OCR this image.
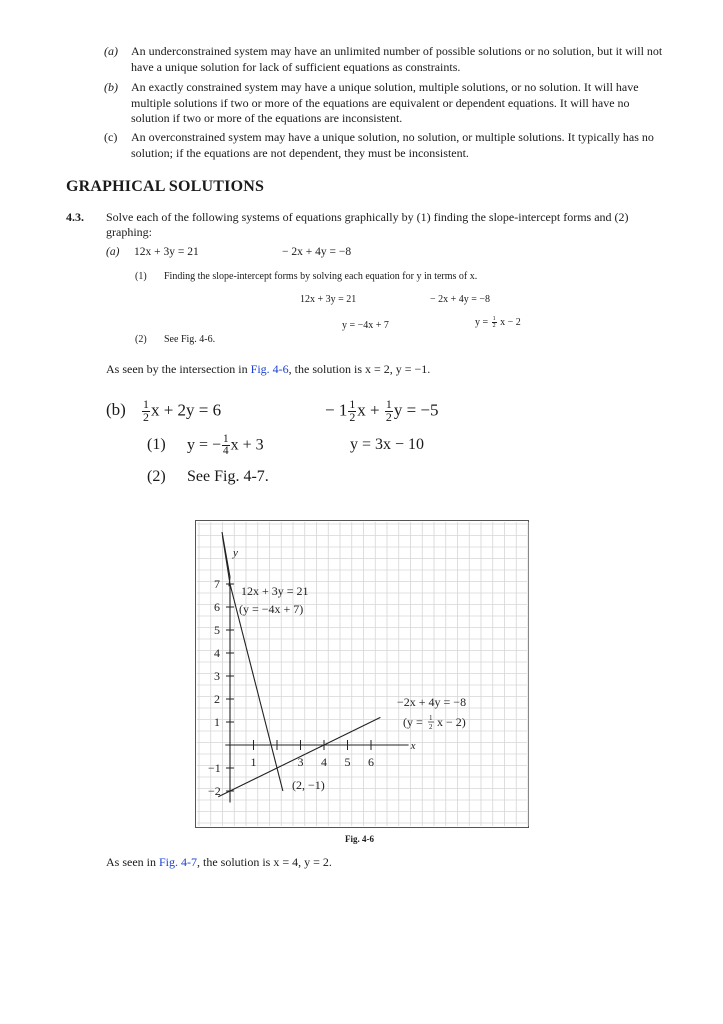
(a) An underconstrained system may have an unlimited number of possible solutions or no solution, but it will not have a unique solution for lack of sufficient equations as constraints.
(b) An exactly constrained system may have a unique solution, multiple solutions, or no solution. It will have multiple solutions if two or more of the equations are equivalent or dependent equations. It will have no solution if two or more of the equations are inconsistent.
(c) An overconstrained system may have a unique solution, no solution, or multiple solutions. It typically has no solution; if the equations are not dependent, they must be inconsistent.
GRAPHICAL SOLUTIONS
4.3. Solve each of the following systems of equations graphically by (1) finding the slope-intercept forms and (2) graphing:
(a) 12x + 3y = 21	− 2x + 4y = −8
(1) Finding the slope-intercept forms by solving each equation for y in terms of x.
12x + 3y = 21	− 2x + 4y = −8
y = −4x + 7	$y = \frac{1}{2}$ x − 2
(2) See Fig. 4-6.
As seen by the intersection in Fig. 4-6, the solution is x = 2, y = −1.
$(b) \frac{1}{2}$ x + 2y = 6	− $1 \frac{1}{2}$ $x + \frac{1}{2}$ y = −5
(1) y = − $\frac{1}{4}$ x + 3	y = 3x − 10
(2) See Fig. 4-7.
7
6
5
4
3
2
1
−1
−2
1	3 4 5 6
y
x
12x + 3y = 21
(y = −4x + 7)
−2x + 4y = −8
(y = 1
2 x − 2)
(2, −1)
Fig. 4-6
As seen in Fig. 4-7, the solution is x = 4, y = 2.
